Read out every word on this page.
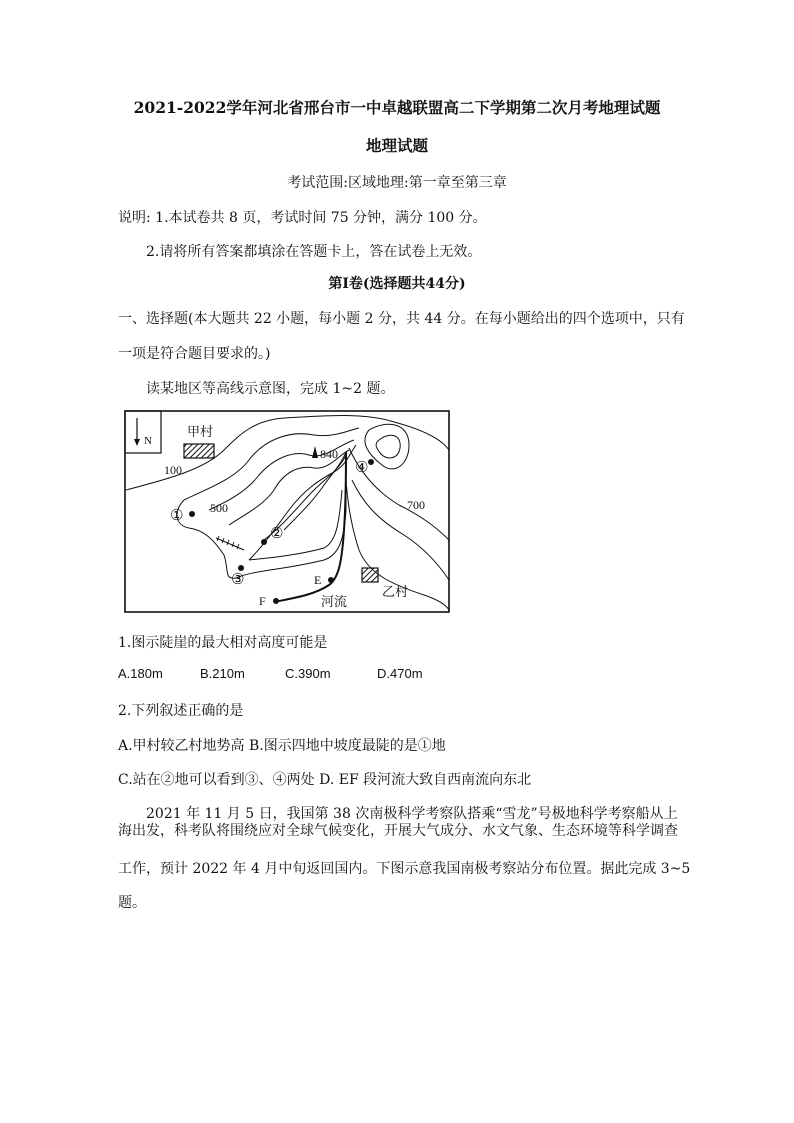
2021-2022学年河北省邢台市一中卓越联盟高二下学期第二次月考地理试题
地理试题
考试范围:区域地理:第一章至第三章
说明: 1.本试卷共 8 页，考试时间 75 分钟，满分 100 分。
2.请将所有答案都填涂在答题卡上，答在试卷上无效。
第Ⅰ卷(选择题共44分)
一、选择题(本大题共 22 小题，每小题 2 分，共 44 分。在每小题给出的四个选项中，只有
一项是符合题目要求的。)
读某地区等高线示意图，完成 1~2 题。
N
甲村
乙村
100
500	700
840
①
②
③
④
E
F	河流
1.图示陡崖的最大相对高度可能是
A.180m	B.210m	C.390m	D.470m
2.下列叙述正确的是
A.甲村较乙村地势高 B.图示四地中坡度最陡的是①地
C.站在②地可以看到③、④两处 D. EF 段河流大致自西南流向东北
2021 年 11 月 5 日，我国第 38 次南极科学考察队搭乘“雪龙”号极地科学考察船从上
海出发，科考队将围绕应对全球气候变化，开展大气成分、水文气象、生态环境等科学调查
工作，预计 2022 年 4 月中旬返回国内。下图示意我国南极考察站分布位置。据此完成 3~5
题。
